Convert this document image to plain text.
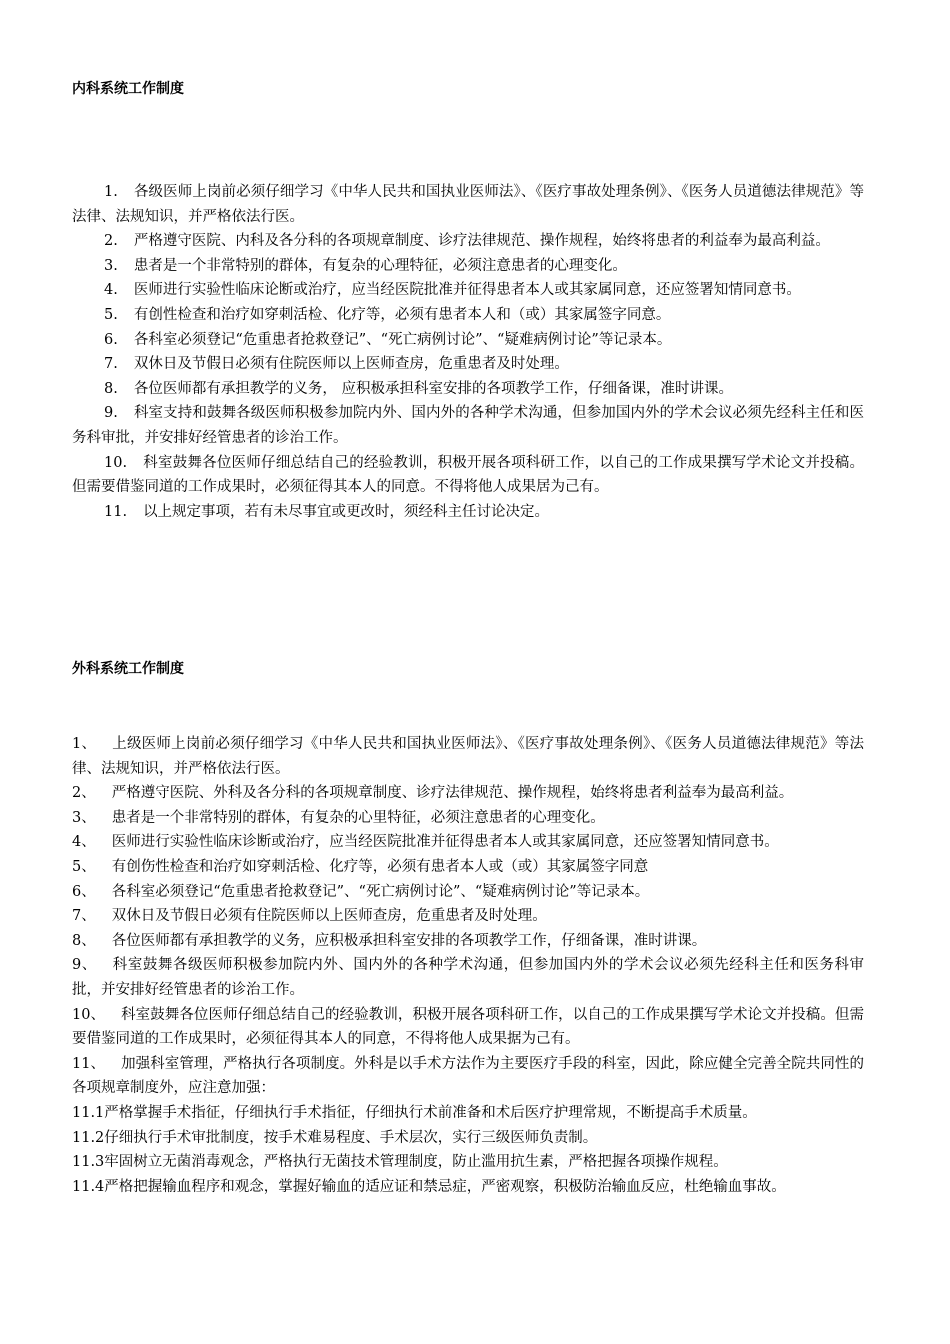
内科系统工作制度

1. 各级医师上岗前必须仔细学习《中华人民共和国执业医师法》、《医疗事故处理条例》、《医务人员道德法律规范》等法律、法规知识，并严格依法行医。

2. 严格遵守医院、内科及各分科的各项规章制度、诊疗法律规范、操作规程，始终将患者的利益奉为最高利益。

3. 患者是一个非常特别的群体，有复杂的心理特征，必须注意患者的心理变化。

4. 医师进行实验性临床论断或治疗，应当经医院批准并征得患者本人或其家属同意，还应签署知情同意书。

5. 有创性检查和治疗如穿刺活检、化疗等，必须有患者本人和（或）其家属签字同意。

6. 各科室必须登记“危重患者抢救登记”、“死亡病例讨论”、“疑难病例讨论”等记录本。

7. 双休日及节假日必须有住院医师以上医师查房，危重患者及时处理。

8. 各位医师都有承担教学的义务， 应积极承担科室安排的各项教学工作，仔细备课，准时讲课。

9. 科室支持和鼓舞各级医师积极参加院内外、国内外的各种学术沟通，但参加国内外的学术会议必须先经科主任和医务科审批，并安排好经管患者的诊治工作。

10. 科室鼓舞各位医师仔细总结自己的经验教训，积极开展各项科研工作，以自己的工作成果撰写学术论文并投稿。但需要借鉴同道的工作成果时，必须征得其本人的同意。不得将他人成果居为己有。

11. 以上规定事项，若有未尽事宜或更改时，须经科主任讨论决定。

外科系统工作制度

1、 上级医师上岗前必须仔细学习《中华人民共和国执业医师法》、《医疗事故处理条例》、《医务人员道德法律规范》等法律、法规知识，并严格依法行医。

2、 严格遵守医院、外科及各分科的各项规章制度、诊疗法律规范、操作规程，始终将患者利益奉为最高利益。

3、 患者是一个非常特别的群体，有复杂的心里特征，必须注意患者的心理变化。

4、 医师进行实验性临床诊断或治疗，应当经医院批准并征得患者本人或其家属同意，还应签署知情同意书。

5、 有创伤性检查和治疗如穿刺活检、化疗等，必须有患者本人或（或）其家属签字同意

6、 各科室必须登记“危重患者抢救登记”、“死亡病例讨论”、“疑难病例讨论”等记录本。

7、 双休日及节假日必须有住院医师以上医师查房，危重患者及时处理。

8、 各位医师都有承担教学的义务，应积极承担科室安排的各项教学工作，仔细备课，准时讲课。

9、 科室鼓舞各级医师积极参加院内外、国内外的各种学术沟通，但参加国内外的学术会议必须先经科主任和医务科审批，并安排好经管患者的诊治工作。

10、 科室鼓舞各位医师仔细总结自己的经验教训，积极开展各项科研工作，以自己的工作成果撰写学术论文并投稿。但需要借鉴同道的工作成果时，必须征得其本人的同意，不得将他人成果据为己有。

11、 加强科室管理，严格执行各项制度。外科是以手术方法作为主要医疗手段的科室，因此，除应健全完善全院共同性的各项规章制度外，应注意加强：

11.1严格掌握手术指征，仔细执行手术指征，仔细执行术前准备和术后医疗护理常规，不断提高手术质量。

11.2仔细执行手术审批制度，按手术难易程度、手术层次，实行三级医师负责制。

11.3牢固树立无菌消毒观念，严格执行无菌技术管理制度，防止滥用抗生素，严格把握各项操作规程。

11.4严格把握输血程序和观念，掌握好输血的适应证和禁忌症，严密观察，积极防治输血反应，杜绝输血事故。
